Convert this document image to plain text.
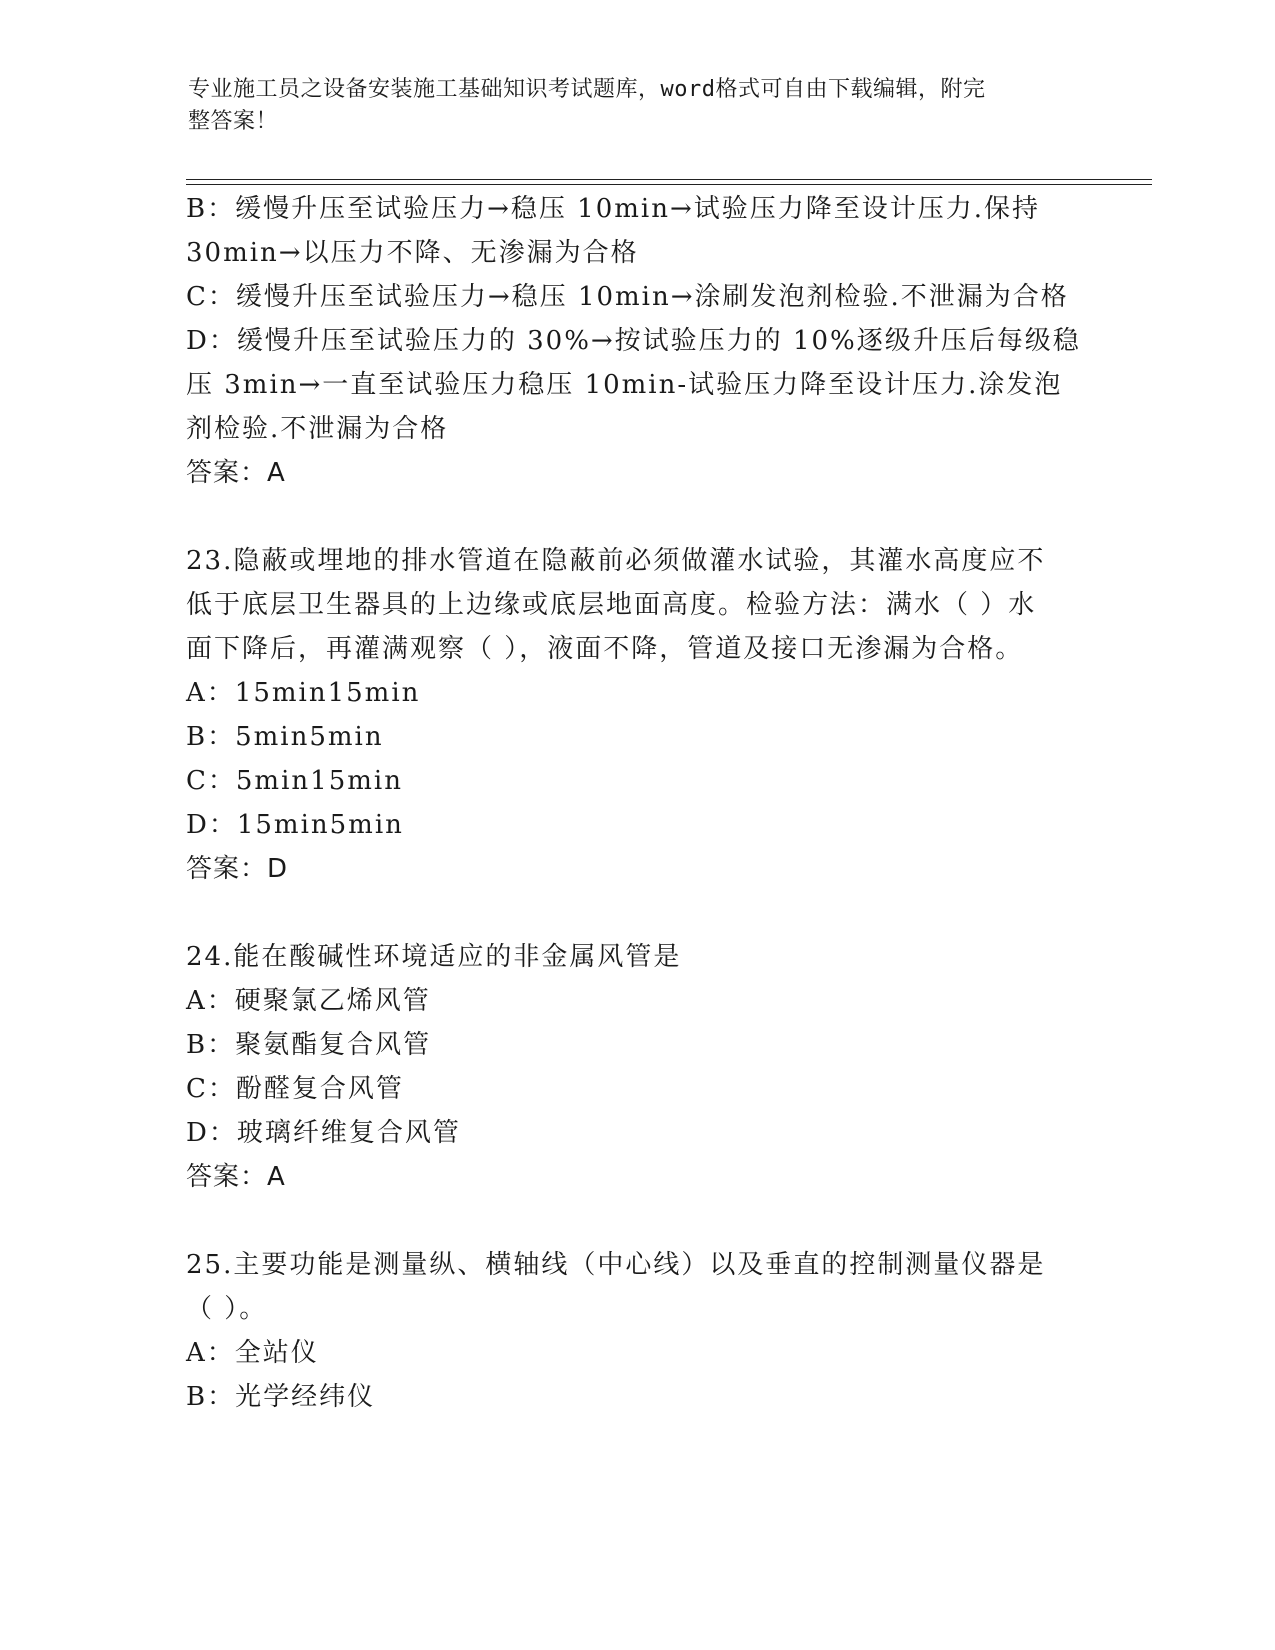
专业施工员之设备安装施工基础知识考试题库，word格式可自由下载编辑，附完
整答案！
B：缓慢升压至试验压力→稳压 10min→试验压力降至设计压力.保持
30min→以压力不降、无渗漏为合格
C：缓慢升压至试验压力→稳压 10min→涂刷发泡剂检验.不泄漏为合格
D：缓慢升压至试验压力的 30%→按试验压力的 10%逐级升压后每级稳
压 3min→一直至试验压力稳压 10min-试验压力降至设计压力.涂发泡
剂检验.不泄漏为合格
答案：A
23.隐蔽或埋地的排水管道在隐蔽前必须做灌水试验，其灌水高度应不
低于底层卫生器具的上边缘或底层地面高度。检验方法：满水（ ）水
面下降后，再灌满观察（ ），液面不降，管道及接口无渗漏为合格。
A：15min15min
B：5min5min
C：5min15min
D：15min5min
答案：D
24.能在酸碱性环境适应的非金属风管是
A：硬聚氯乙烯风管
B：聚氨酯复合风管
C：酚醛复合风管
D：玻璃纤维复合风管
答案：A
25.主要功能是测量纵、横轴线（中心线）以及垂直的控制测量仪器是
（ ）。
A：全站仪
B：光学经纬仪
